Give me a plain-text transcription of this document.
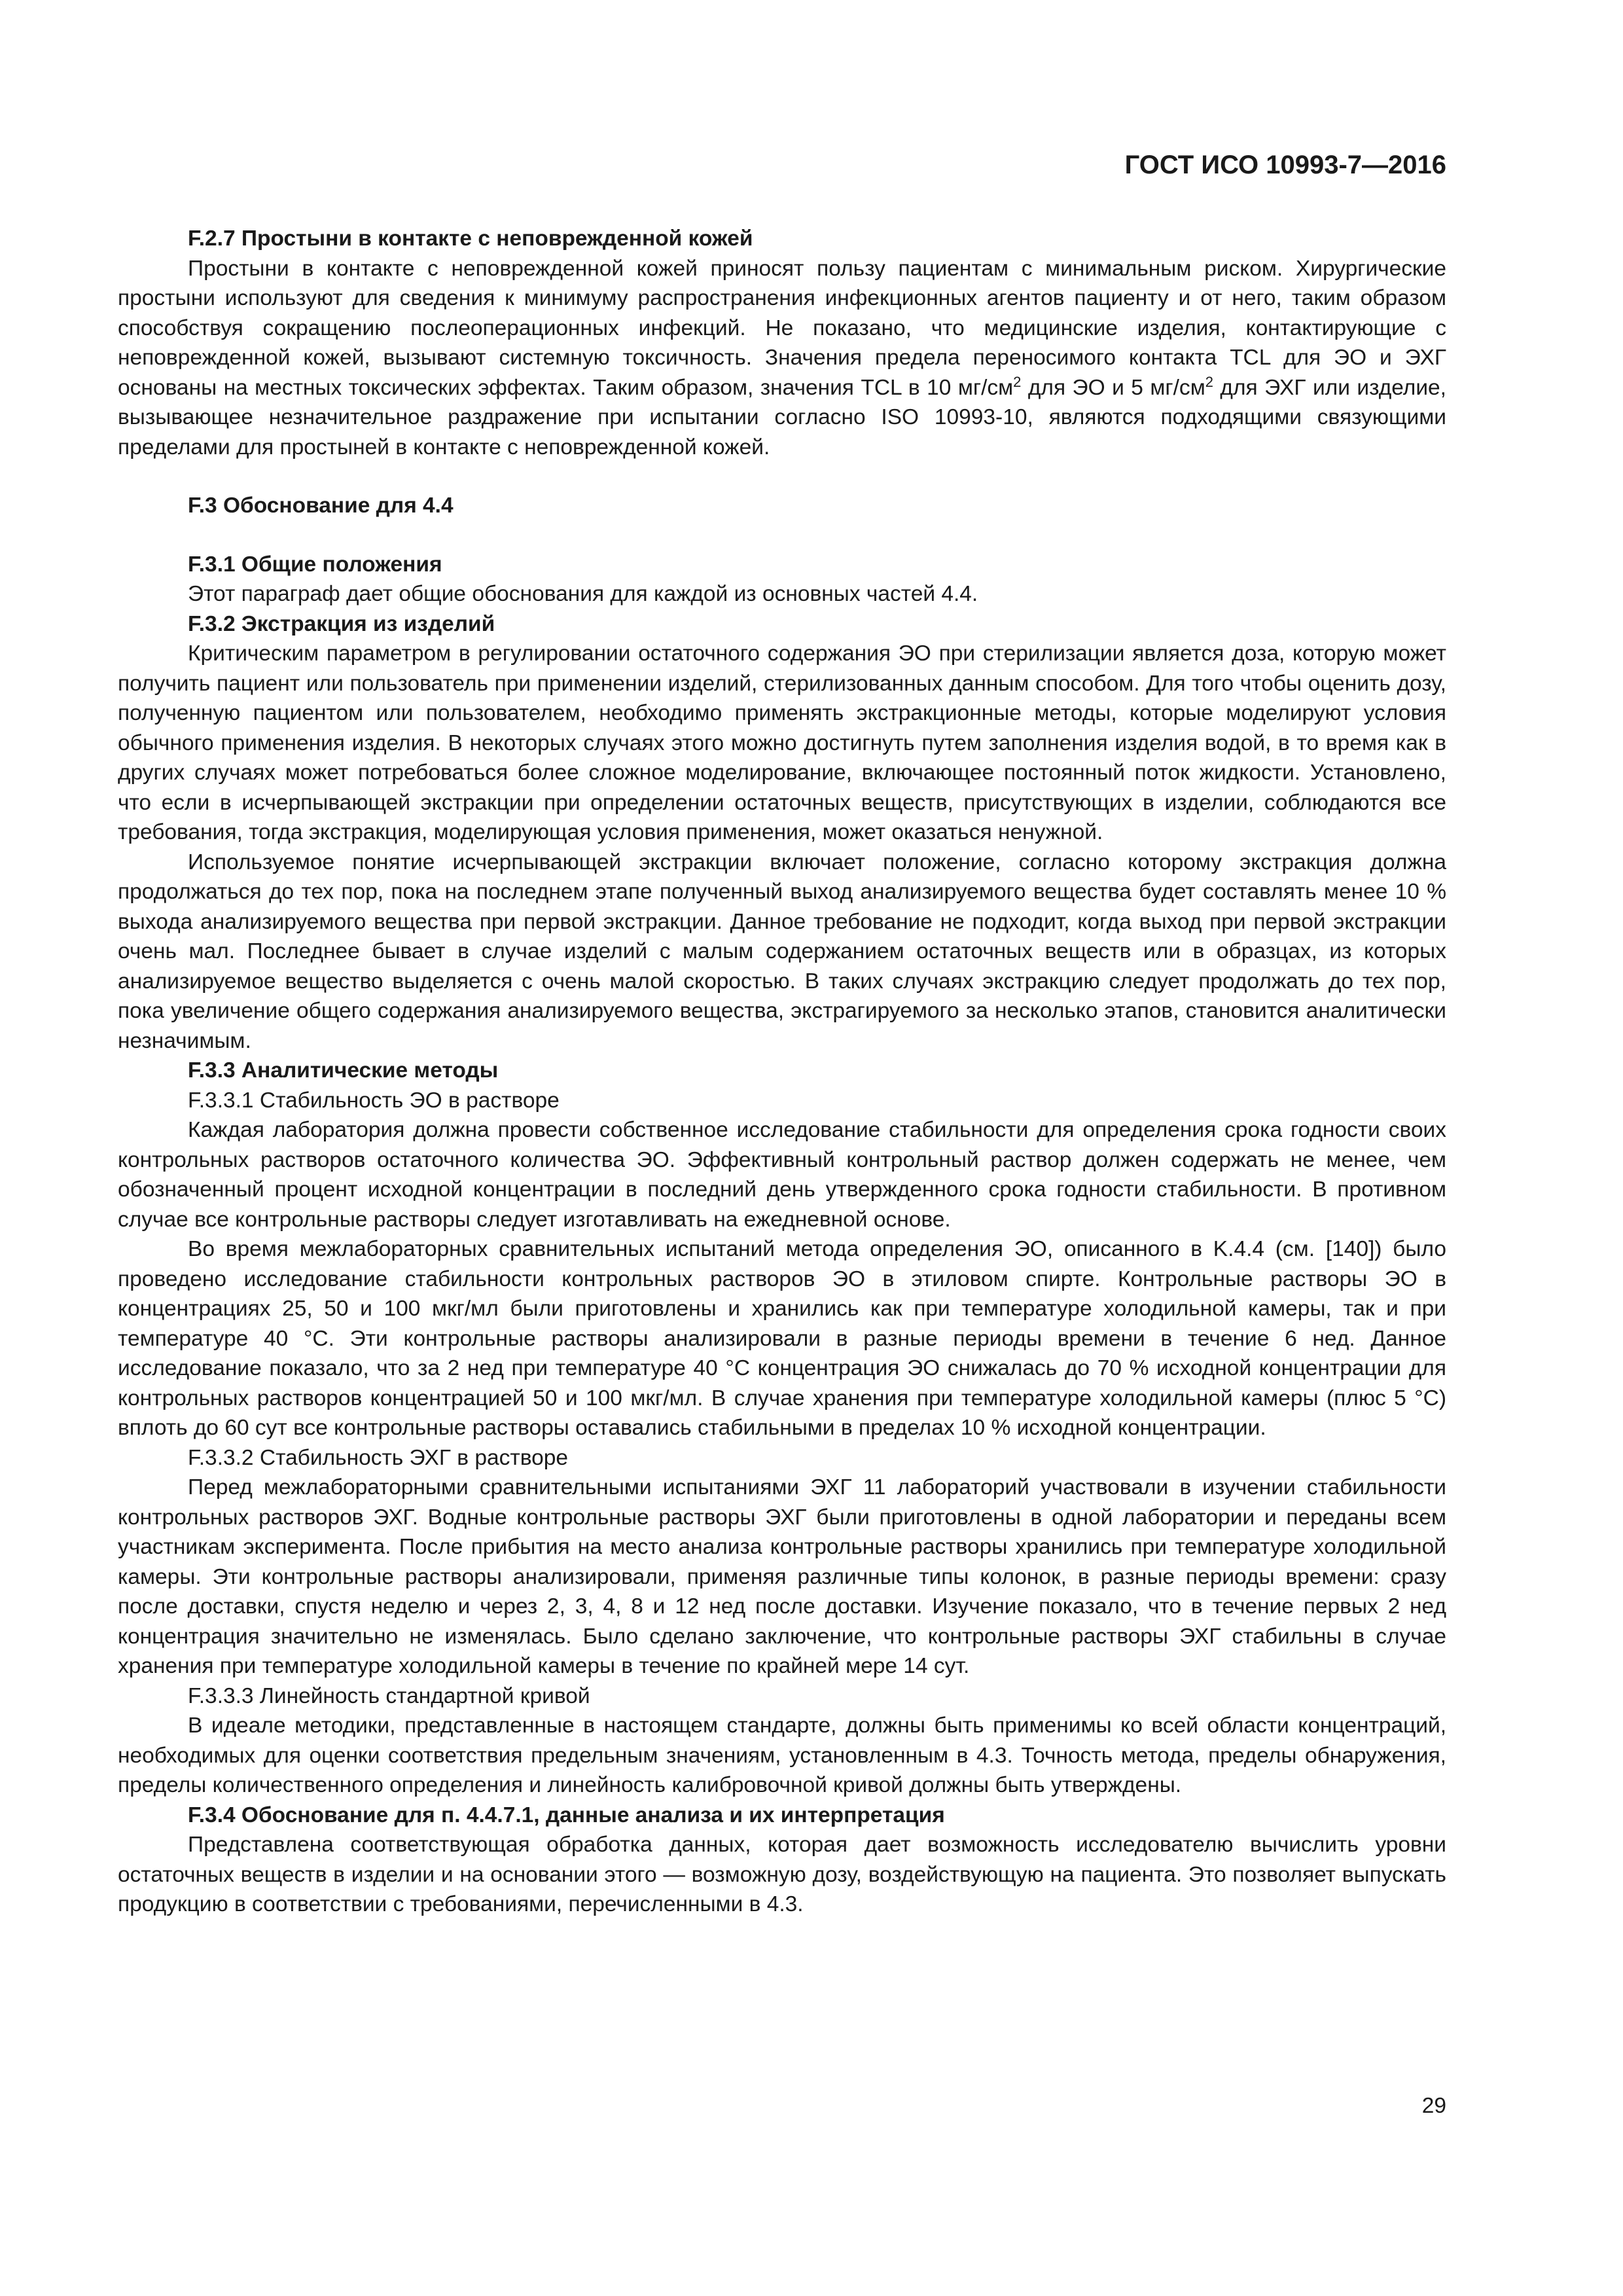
ГОСТ ИСО 10993-7—2016
F.2.7 Простыни в контакте с неповрежденной кожей

Простыни в контакте с неповрежденной кожей приносят пользу пациентам с минимальным риском. Хирургические простыни используют для сведения к минимуму распространения инфекционных агентов пациенту и от него, таким образом способствуя сокращению послеоперационных инфекций. Не показано, что медицинские изделия, контактирующие с неповрежденной кожей, вызывают системную токсичность. Значения предела переносимого контакта TCL для ЭО и ЭХГ основаны на местных токсических эффектах. Таким образом, значения TCL в 10 $мг/см^2$ для ЭО и 5 $мг/см^2$ для ЭХГ или изделие, вызывающее незначительное раздражение при испытании согласно ISO 10993-10, являются подходящими связующими пределами для простыней в контакте с неповрежденной кожей.

F.3 Обоснование для 4.4
F.3.1 Общие положения

Этот параграф дает общие обоснования для каждой из основных частей 4.4.

F.3.2 Экстракция из изделий

Критическим параметром в регулировании остаточного содержания ЭО при стерилизации является доза, которую может получить пациент или пользователь при применении изделий, стерилизованных данным способом. Для того чтобы оценить дозу, полученную пациентом или пользователем, необходимо применять экстракционные методы, которые моделируют условия обычного применения изделия. В некоторых случаях этого можно достигнуть путем заполнения изделия водой, в то время как в других случаях может потребоваться более сложное моделирование, включающее постоянный поток жидкости. Установлено, что если в исчерпывающей экстракции при определении остаточных веществ, присутствующих в изделии, соблюдаются все требования, тогда экстракция, моделирующая условия применения, может оказаться ненужной.

Используемое понятие исчерпывающей экстракции включает положение, согласно которому экстракция должна продолжаться до тех пор, пока на последнем этапе полученный выход анализируемого вещества будет составлять менее 10 % выхода анализируемого вещества при первой экстракции. Данное требование не подходит, когда выход при первой экстракции очень мал. Последнее бывает в случае изделий с малым содержанием остаточных веществ или в образцах, из которых анализируемое вещество выделяется с очень малой скоростью. В таких случаях экстракцию следует продолжать до тех пор, пока увеличение общего содержания анализируемого вещества, экстрагируемого за несколько этапов, становится аналитически незначимым.

F.3.3 Аналитические методы
F.3.3.1 Стабильность ЭО в растворе

Каждая лаборатория должна провести собственное исследование стабильности для определения срока годности своих контрольных растворов остаточного количества ЭО. Эффективный контрольный раствор должен содержать не менее, чем обозначенный процент исходной концентрации в последний день утвержденного срока годности стабильности. В противном случае все контрольные растворы следует изготавливать на ежедневной основе.

Во время межлабораторных сравнительных испытаний метода определения ЭО, описанного в K.4.4 (см. [140]) было проведено исследование стабильности контрольных растворов ЭО в этиловом спирте. Контрольные растворы ЭО в концентрациях 25, 50 и 100 мкг/мл были приготовлены и хранились как при температуре холодильной камеры, так и при температуре 40 °С. Эти контрольные растворы анализировали в разные периоды времени в течение 6 нед. Данное исследование показало, что за 2 нед при температуре 40 °С концентрация ЭО снижалась до 70 % исходной концентрации для контрольных растворов концентрацией 50 и 100 мкг/мл. В случае хранения при температуре холодильной камеры (плюс 5 °С) вплоть до 60 сут все контрольные растворы оставались стабильными в пределах 10 % исходной концентрации.

F.3.3.2 Стабильность ЭХГ в растворе

Перед межлабораторными сравнительными испытаниями ЭХГ 11 лабораторий участвовали в изучении стабильности контрольных растворов ЭХГ. Водные контрольные растворы ЭХГ были приготовлены в одной лаборатории и переданы всем участникам эксперимента. После прибытия на место анализа контрольные растворы хранились при температуре холодильной камеры. Эти контрольные растворы анализировали, применяя различные типы колонок, в разные периоды времени: сразу после доставки, спустя неделю и через 2, 3, 4, 8 и 12 нед после доставки. Изучение показало, что в течение первых 2 нед концентрация значительно не изменялась. Было сделано заключение, что контрольные растворы ЭХГ стабильны в случае хранения при температуре холодильной камеры в течение по крайней мере 14 сут.

F.3.3.3 Линейность стандартной кривой

В идеале методики, представленные в настоящем стандарте, должны быть применимы ко всей области концентраций, необходимых для оценки соответствия предельным значениям, установленным в 4.3. Точность метода, пределы обнаружения, пределы количественного определения и линейность калибровочной кривой должны быть утверждены.

F.3.4 Обоснование для п. 4.4.7.1, данные анализа и их интерпретация

Представлена соответствующая обработка данных, которая дает возможность исследователю вычислить уровни остаточных веществ в изделии и на основании этого — возможную дозу, воздействующую на пациента. Это позволяет выпускать продукцию в соответствии с требованиями, перечисленными в 4.3.

29
